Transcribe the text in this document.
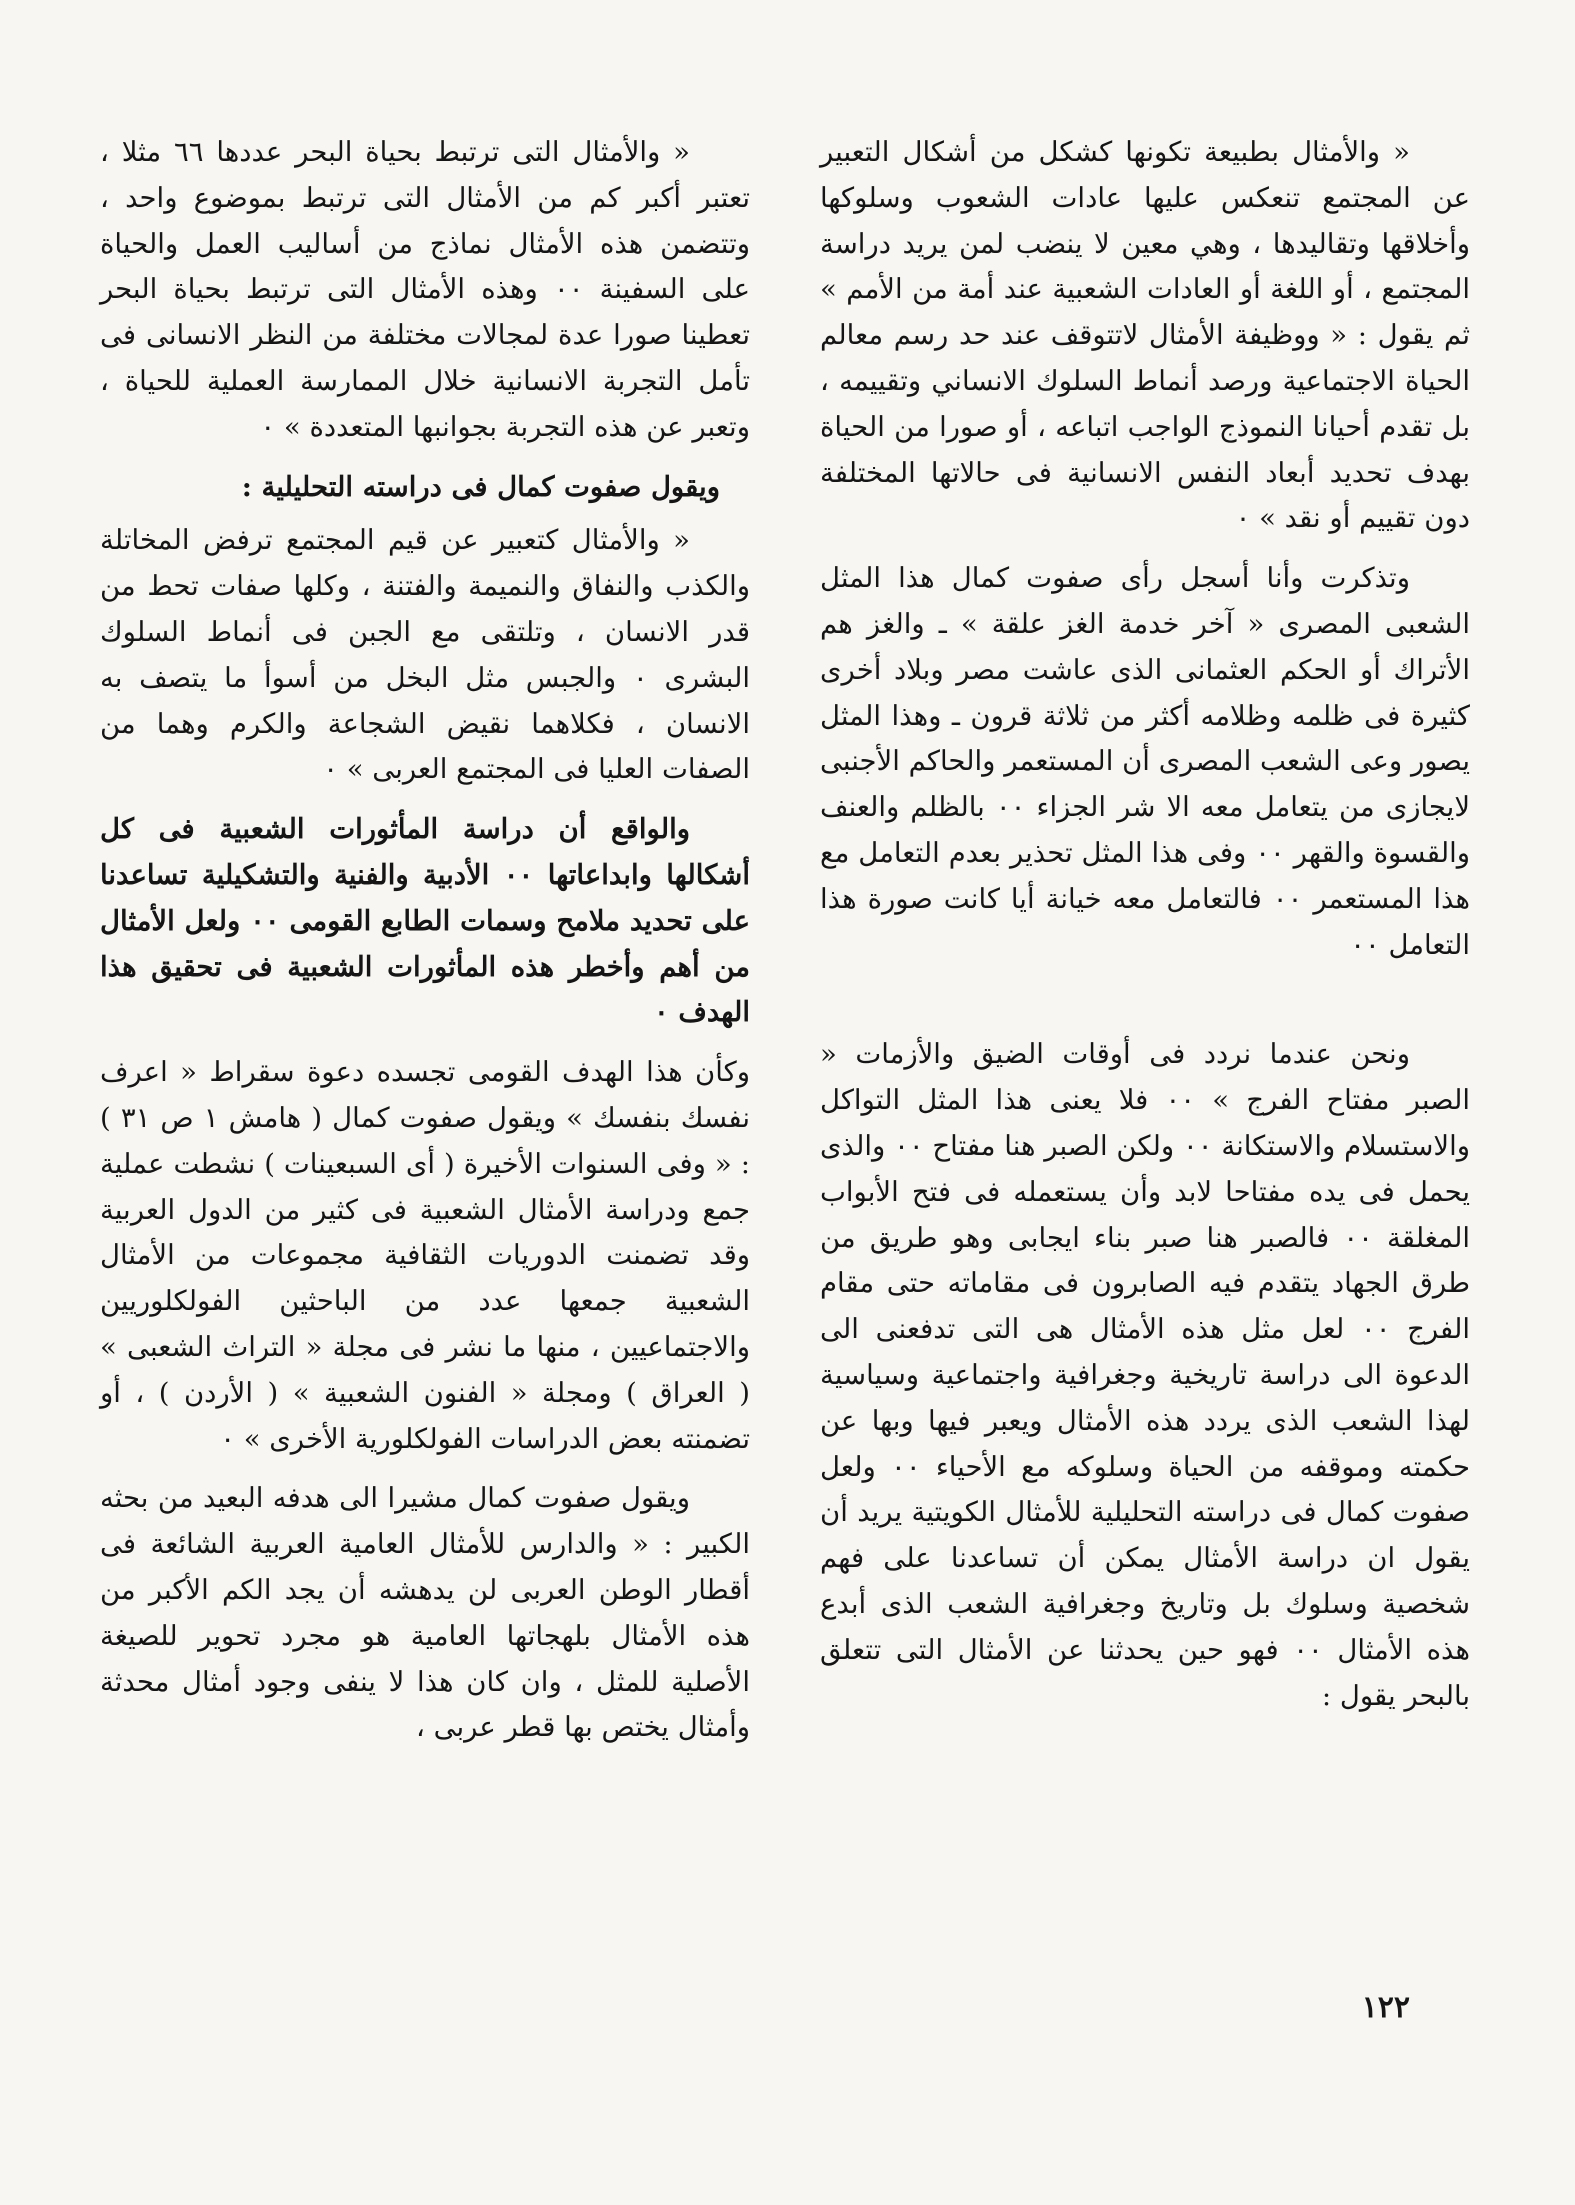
« والأمثال بطبيعة تكونها كشكل من أشكال التعبير عن المجتمع تنعكس عليها عادات الشعوب وسلوكها وأخلاقها وتقاليدها ، وهي معين لا ينضب لمن يريد دراسة المجتمع ، أو اللغة أو العادات الشعبية عند أمة من الأمم » ثم يقول : « ووظيفة الأمثال لاتتوقف عند حد رسم معالم الحياة الاجتماعية ورصد أنماط السلوك الانساني وتقييمه ، بل تقدم أحيانا النموذج الواجب اتباعه ، أو صورا من الحياة بهدف تحديد أبعاد النفس الانسانية فى حالاتها المختلفة دون تقييم أو نقد » ٠

وتذكرت وأنا أسجل رأى صفوت كمال هذا المثل الشعبى المصرى « آخر خدمة الغز علقة » ـ والغز هم الأتراك أو الحكم العثمانى الذى عاشت مصر وبلاد أخرى كثيرة فى ظلمه وظلامه أكثر من ثلاثة قرون ـ وهذا المثل يصور وعى الشعب المصرى أن المستعمر والحاكم الأجنبى لايجازى من يتعامل معه الا شر الجزاء ٠٠ بالظلم والعنف والقسوة والقهر ٠٠ وفى هذا المثل تحذير بعدم التعامل مع هذا المستعمر ٠٠ فالتعامل معه خيانة أيا كانت صورة هذا التعامل ٠٠

ونحن عندما نردد فى أوقات الضيق والأزمات « الصبر مفتاح الفرج » ٠٠ فلا يعنى هذا المثل التواكل والاستسلام والاستكانة ٠٠ ولكن الصبر هنا مفتاح ٠٠ والذى يحمل فى يده مفتاحا لابد وأن يستعمله فى فتح الأبواب المغلقة ٠٠ فالصبر هنا صبر بناء ايجابى وهو طريق من طرق الجهاد يتقدم فيه الصابرون فى مقاماته حتى مقام الفرج ٠٠ لعل مثل هذه الأمثال هى التى تدفعنى الى الدعوة الى دراسة تاريخية وجغرافية واجتماعية وسياسية لهذا الشعب الذى يردد هذه الأمثال ويعبر فيها وبها عن حكمته وموقفه من الحياة وسلوكه مع الأحياء ٠٠ ولعل صفوت كمال فى دراسته التحليلية للأمثال الكويتية يريد أن يقول ان دراسة الأمثال يمكن أن تساعدنا على فهم شخصية وسلوك بل وتاريخ وجغرافية الشعب الذى أبدع هذه الأمثال ٠٠ فهو حين يحدثنا عن الأمثال التى تتعلق بالبحر يقول :

« والأمثال التى ترتبط بحياة البحر عددها ٦٦ مثلا ، تعتبر أكبر كم من الأمثال التى ترتبط بموضوع واحد ، وتتضمن هذه الأمثال نماذج من أساليب العمل والحياة على السفينة ٠٠ وهذه الأمثال التى ترتبط بحياة البحر تعطينا صورا عدة لمجالات مختلفة من النظر الانسانى فى تأمل التجربة الانسانية خلال الممارسة العملية للحياة ، وتعبر عن هذه التجربة بجوانبها المتعددة » ٠

ويقول صفوت كمال فى دراسته التحليلية :

« والأمثال كتعبير عن قيم المجتمع ترفض المخاتلة والكذب والنفاق والنميمة والفتنة ، وكلها صفات تحط من قدر الانسان ، وتلتقى مع الجبن فى أنماط السلوك البشرى ٠ والجبس مثل البخل من أسوأ ما يتصف به الانسان ، فكلاهما نقيض الشجاعة والكرم وهما من الصفات العليا فى المجتمع العربى » ٠

والواقع أن دراسة المأثورات الشعبية فى كل أشكالها وابداعاتها ٠٠ الأدبية والفنية والتشكيلية تساعدنا على تحديد ملامح وسمات الطابع القومى ٠٠ ولعل الأمثال من أهم وأخطر هذه المأثورات الشعبية فى تحقيق هذا الهدف ٠

وكأن هذا الهدف القومى تجسده دعوة سقراط « اعرف نفسك بنفسك » ويقول صفوت كمال ( هامش ١ ص ٣١ ) : « وفى السنوات الأخيرة ( أى السبعينات ) نشطت عملية جمع ودراسة الأمثال الشعبية فى كثير من الدول العربية وقد تضمنت الدوريات الثقافية مجموعات من الأمثال الشعبية جمعها عدد من الباحثين الفولكلوريين والاجتماعيين ، منها ما نشر فى مجلة « التراث الشعبى » ( العراق ) ومجلة « الفنون الشعبية » ( الأردن ) ، أو تضمنته بعض الدراسات الفولكلورية الأخرى » ٠

ويقول صفوت كمال مشيرا الى هدفه البعيد من بحثه الكبير : « والدارس للأمثال العامية العربية الشائعة فى أقطار الوطن العربى لن يدهشه أن يجد الكم الأكبر من هذه الأمثال بلهجاتها العامية هو مجرد تحوير للصيغة الأصلية للمثل ، وان كان هذا لا ينفى وجود أمثال محدثة وأمثال يختص بها قطر عربى ،

١٢٢
